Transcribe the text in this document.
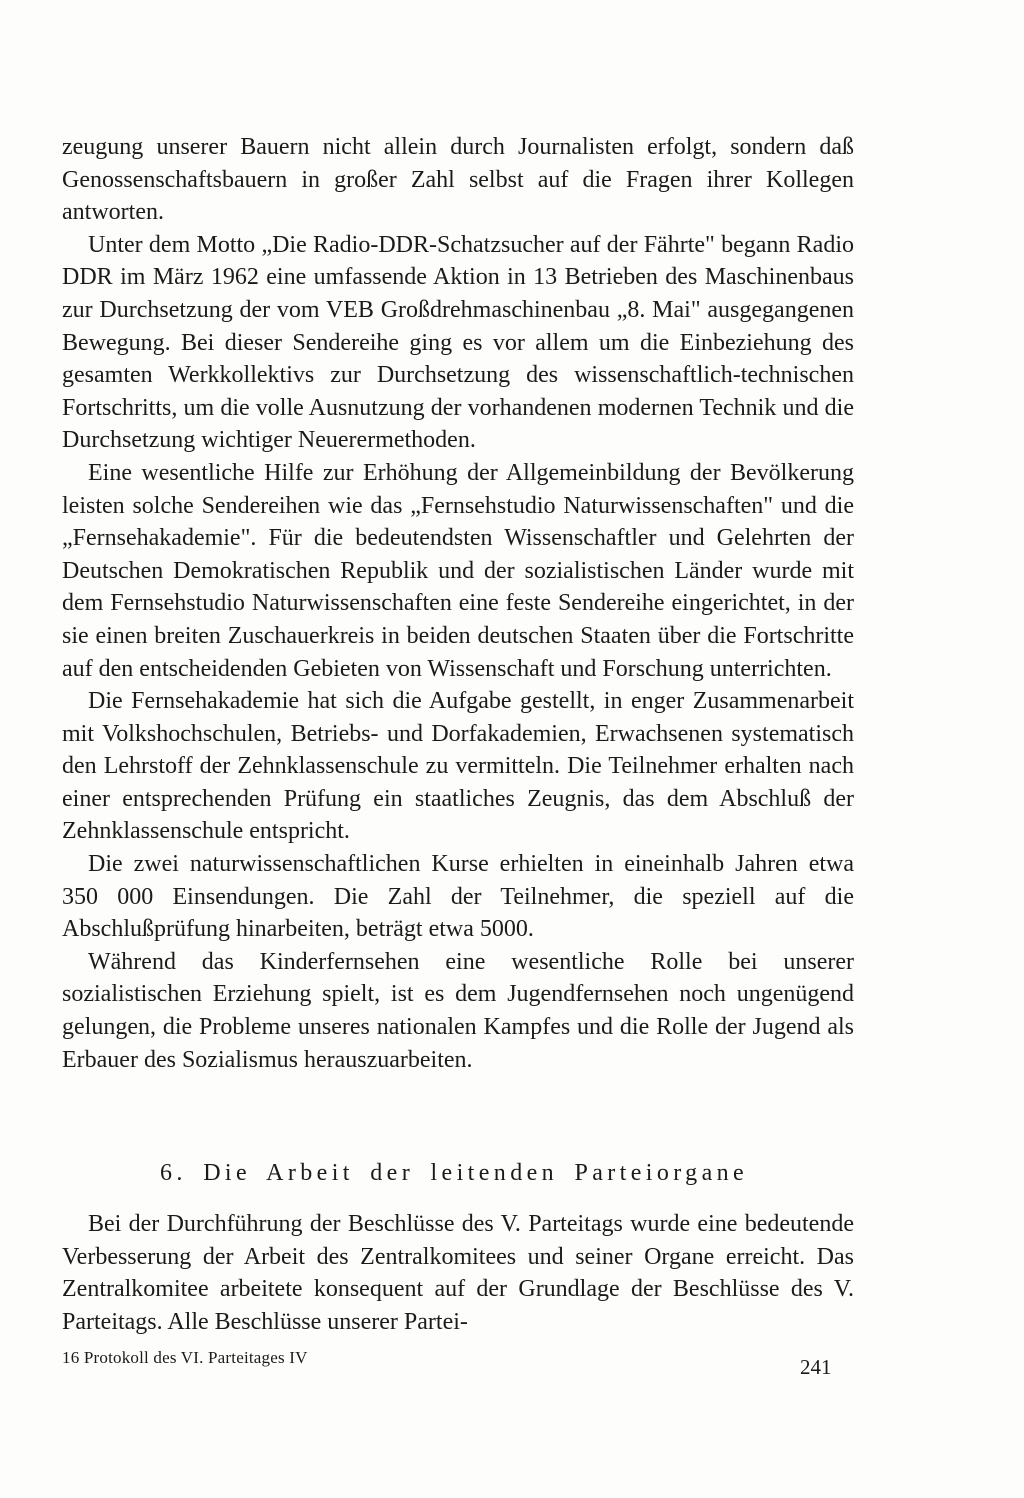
zeugung unserer Bauern nicht allein durch Journalisten erfolgt, sondern daß Genossenschaftsbauern in großer Zahl selbst auf die Fragen ihrer Kollegen antworten.

Unter dem Motto „Die Radio-DDR-Schatzsucher auf der Fährte" begann Radio DDR im März 1962 eine umfassende Aktion in 13 Betrieben des Maschinenbaus zur Durchsetzung der vom VEB Großdrehmaschinenbau „8. Mai" ausgegangenen Bewegung. Bei dieser Sendereihe ging es vor allem um die Einbeziehung des gesamten Werkkollektivs zur Durchsetzung des wissenschaftlich-technischen Fortschritts, um die volle Ausnutzung der vorhandenen modernen Technik und die Durchsetzung wichtiger Neuerermethoden.

Eine wesentliche Hilfe zur Erhöhung der Allgemeinbildung der Bevölkerung leisten solche Sendereihen wie das „Fernsehstudio Naturwissenschaften" und die „Fernsehakademie". Für die bedeutendsten Wissenschaftler und Gelehrten der Deutschen Demokratischen Republik und der sozialistischen Länder wurde mit dem Fernsehstudio Naturwissenschaften eine feste Sendereihe eingerichtet, in der sie einen breiten Zuschauerkreis in beiden deutschen Staaten über die Fortschritte auf den entscheidenden Gebieten von Wissenschaft und Forschung unterrichten.

Die Fernsehakademie hat sich die Aufgabe gestellt, in enger Zusammenarbeit mit Volkshochschulen, Betriebs- und Dorfakademien, Erwachsenen systematisch den Lehrstoff der Zehnklassenschule zu vermitteln. Die Teilnehmer erhalten nach einer entsprechenden Prüfung ein staatliches Zeugnis, das dem Abschluß der Zehnklassenschule entspricht.

Die zwei naturwissenschaftlichen Kurse erhielten in eineinhalb Jahren etwa 350 000 Einsendungen. Die Zahl der Teilnehmer, die speziell auf die Abschlußprüfung hinarbeiten, beträgt etwa 5000.

Während das Kinderfernsehen eine wesentliche Rolle bei unserer sozialistischen Erziehung spielt, ist es dem Jugendfernsehen noch ungenügend gelungen, die Probleme unseres nationalen Kampfes und die Rolle der Jugend als Erbauer des Sozialismus herauszuarbeiten.

6. Die Arbeit der leitenden Parteiorgane

Bei der Durchführung der Beschlüsse des V. Parteitags wurde eine bedeutende Verbesserung der Arbeit des Zentralkomitees und seiner Organe erreicht. Das Zentralkomitee arbeitete konsequent auf der Grundlage der Beschlüsse des V. Parteitags. Alle Beschlüsse unserer Partei-

16 Protokoll des VI. Parteitages IV	241
